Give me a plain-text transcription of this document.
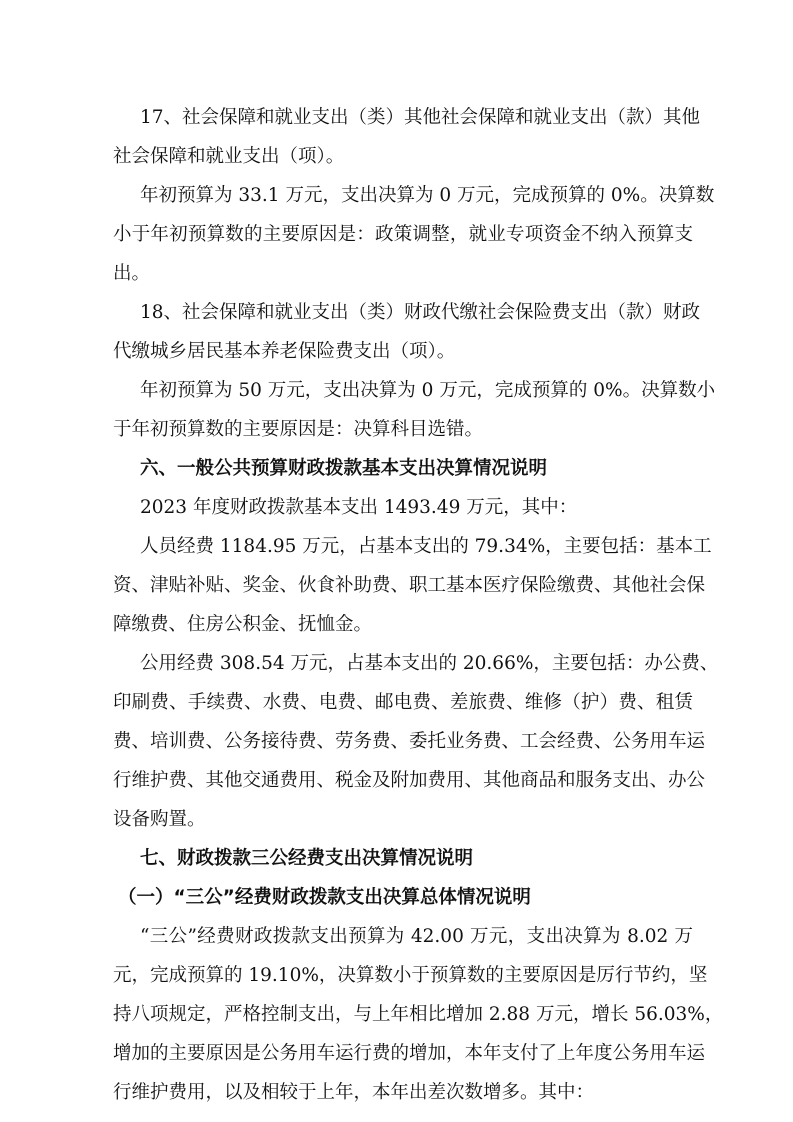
17、社会保障和就业支出（类）其他社会保障和就业支出（款）其他
社会保障和就业支出（项）。
年初预算为 33.1 万元，支出决算为 0 万元，完成预算的 0%。决算数
小于年初预算数的主要原因是：政策调整，就业专项资金不纳入预算支
出。
18、社会保障和就业支出（类）财政代缴社会保险费支出（款）财政
代缴城乡居民基本养老保险费支出（项）。
年初预算为 50 万元，支出决算为 0 万元，完成预算的 0%。决算数小
于年初预算数的主要原因是：决算科目选错。
六、一般公共预算财政拨款基本支出决算情况说明
2023 年度财政拨款基本支出 1493.49 万元，其中：
人员经费 1184.95 万元，占基本支出的 79.34%，主要包括：基本工
资、津贴补贴、奖金、伙食补助费、职工基本医疗保险缴费、其他社会保
障缴费、住房公积金、抚恤金。
公用经费 308.54 万元，占基本支出的 20.66%，主要包括：办公费、
印刷费、手续费、水费、电费、邮电费、差旅费、维修（护）费、租赁
费、培训费、公务接待费、劳务费、委托业务费、工会经费、公务用车运
行维护费、其他交通费用、税金及附加费用、其他商品和服务支出、办公
设备购置。
七、财政拨款三公经费支出决算情况说明
（一）“三公”经费财政拨款支出决算总体情况说明
“三公”经费财政拨款支出预算为 42.00 万元，支出决算为 8.02 万
元，完成预算的 19.10%，决算数小于预算数的主要原因是厉行节约，坚
持八项规定，严格控制支出，与上年相比增加 2.88 万元，增长 56.03%，
增加的主要原因是公务用车运行费的增加，本年支付了上年度公务用车运
行维护费用，以及相较于上年，本年出差次数增多。其中：
